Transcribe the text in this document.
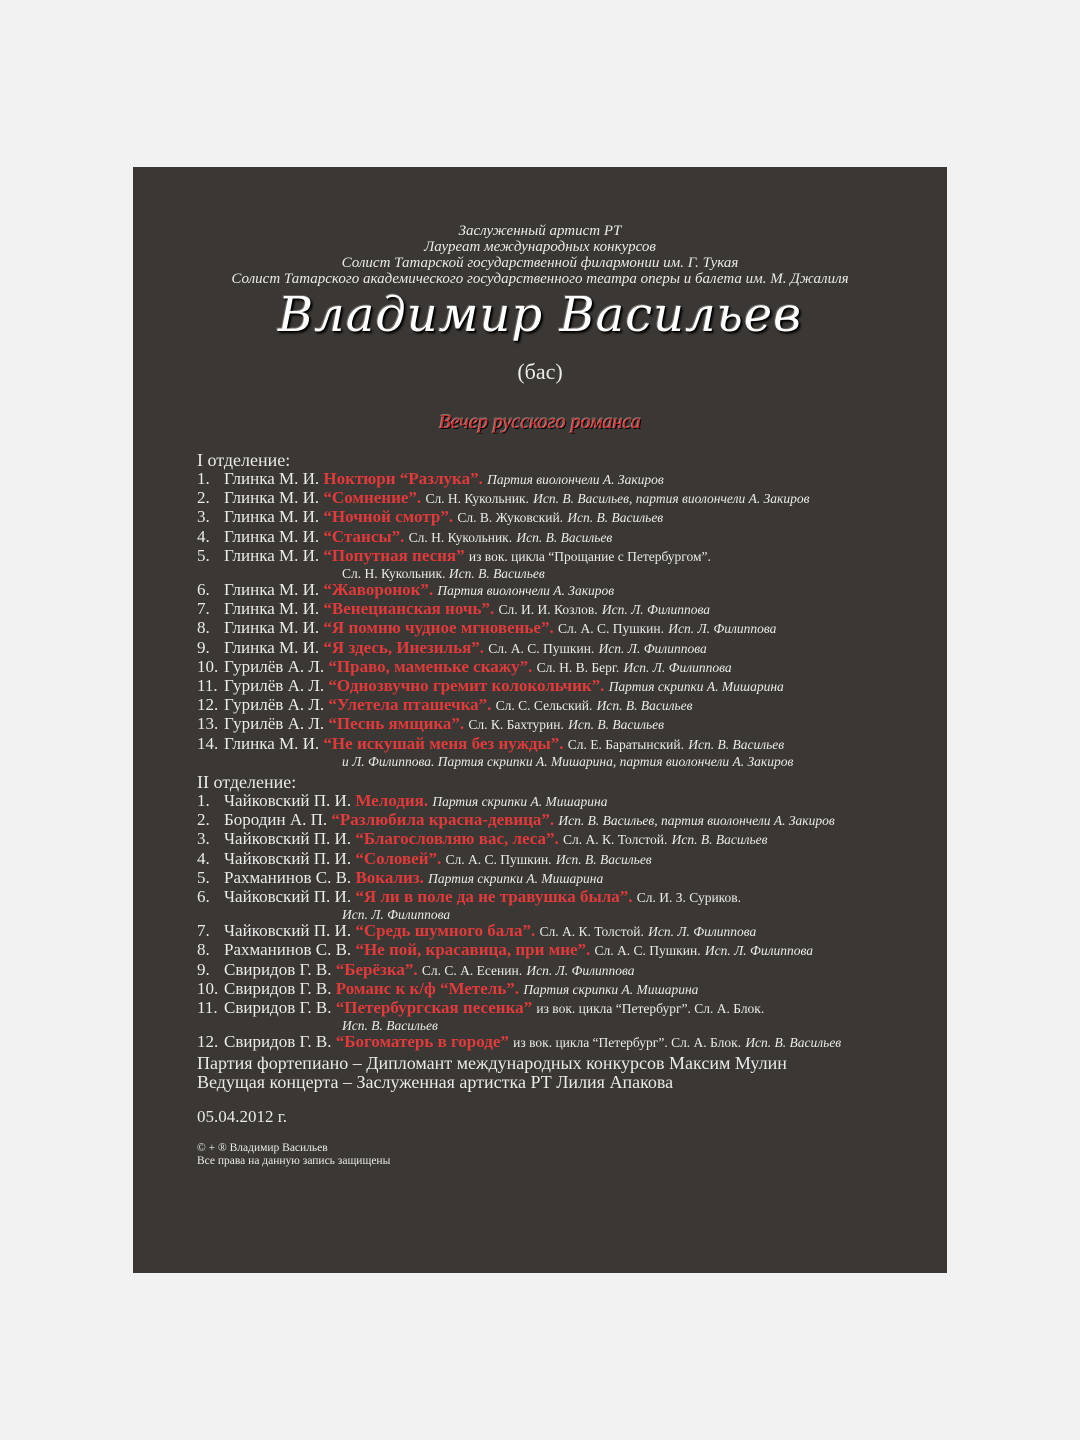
Заслуженный артист РТ
Лауреат международных конкурсов
Солист Татарской государственной филармонии им. Г. Тукая
Солист Татарского академического государственного театра оперы и балета им. М. Джалиля
Владимир Васильев
(бас)
Вечер русского романса
I отделение:
1. Глинка М. И. Ноктюрн “Разлука”. Партия виолончели А. Закиров
2. Глинка М. И. “Сомнение”. Сл. Н. Кукольник. Исп. В. Васильев, партия виолончели А. Закиров
3. Глинка М. И. “Ночной смотр”. Сл. В. Жуковский. Исп. В. Васильев
4. Глинка М. И. “Стансы”. Сл. Н. Кукольник. Исп. В. Васильев
5. Глинка М. И. “Попутная песня” из вок. цикла “Прощание с Петербургом”.
Сл. Н. Кукольник. Исп. В. Васильев
6. Глинка М. И. “Жаворонок”. Партия виолончели А. Закиров
7. Глинка М. И. “Венецианская ночь”. Сл. И. И. Козлов. Исп. Л. Филиппова
8. Глинка М. И. “Я помню чудное мгновенье”. Сл. А. С. Пушкин. Исп. Л. Филиппова
9. Глинка М. И. “Я здесь, Инезилья”. Сл. А. С. Пушкин. Исп. Л. Филиппова
10. Гурилёв А. Л. “Право, маменьке скажу”. Сл. Н. В. Берг. Исп. Л. Филиппова
11. Гурилёв А. Л. “Однозвучно гремит колокольчик”. Партия скрипки А. Мишарина
12. Гурилёв А. Л. “Улетела пташечка”. Сл. С. Сельский. Исп. В. Васильев
13. Гурилёв А. Л. “Песнь ямщика”. Сл. К. Бахтурин. Исп. В. Васильев
14. Глинка М. И. “Не искушай меня без нужды”. Сл. Е. Баратынский. Исп. В. Васильев
и Л. Филиппова. Партия скрипки А. Мишарина, партия виолончели А. Закиров
II отделение:
1. Чайковский П. И. Мелодия. Партия скрипки А. Мишарина
2. Бородин А. П. “Разлюбила красна-девица”. Исп. В. Васильев, партия виолончели А. Закиров
3. Чайковский П. И. “Благословляю вас, леса”. Сл. А. К. Толстой. Исп. В. Васильев
4. Чайковский П. И. “Соловей”. Сл. А. С. Пушкин. Исп. В. Васильев
5. Рахманинов С. В. Вокализ. Партия скрипки А. Мишарина
6. Чайковский П. И. “Я ли в поле да не травушка была”. Сл. И. З. Суриков.
Исп. Л. Филиппова
7. Чайковский П. И. “Средь шумного бала”. Сл. А. К. Толстой. Исп. Л. Филиппова
8. Рахманинов С. В. “Не пой, красавица, при мне”. Сл. А. С. Пушкин. Исп. Л. Филиппова
9. Свиридов Г. В. “Берёзка”. Сл. С. А. Есенин. Исп. Л. Филиппова
10. Свиридов Г. В. Романс к к/ф “Метель”. Партия скрипки А. Мишарина
11. Свиридов Г. В. “Петербургская песенка” из вок. цикла “Петербург”. Сл. А. Блок.
Исп. В. Васильев
12. Свиридов Г. В. “Богоматерь в городе” из вок. цикла “Петербург”. Сл. А. Блок. Исп. В. Васильев
Партия фортепиано – Дипломант международных конкурсов Максим Мулин
Ведущая концерта – Заслуженная артистка РТ Лилия Апакова
05.04.2012 г.
© + ® Владимир Васильев
Все права на данную запись защищены
